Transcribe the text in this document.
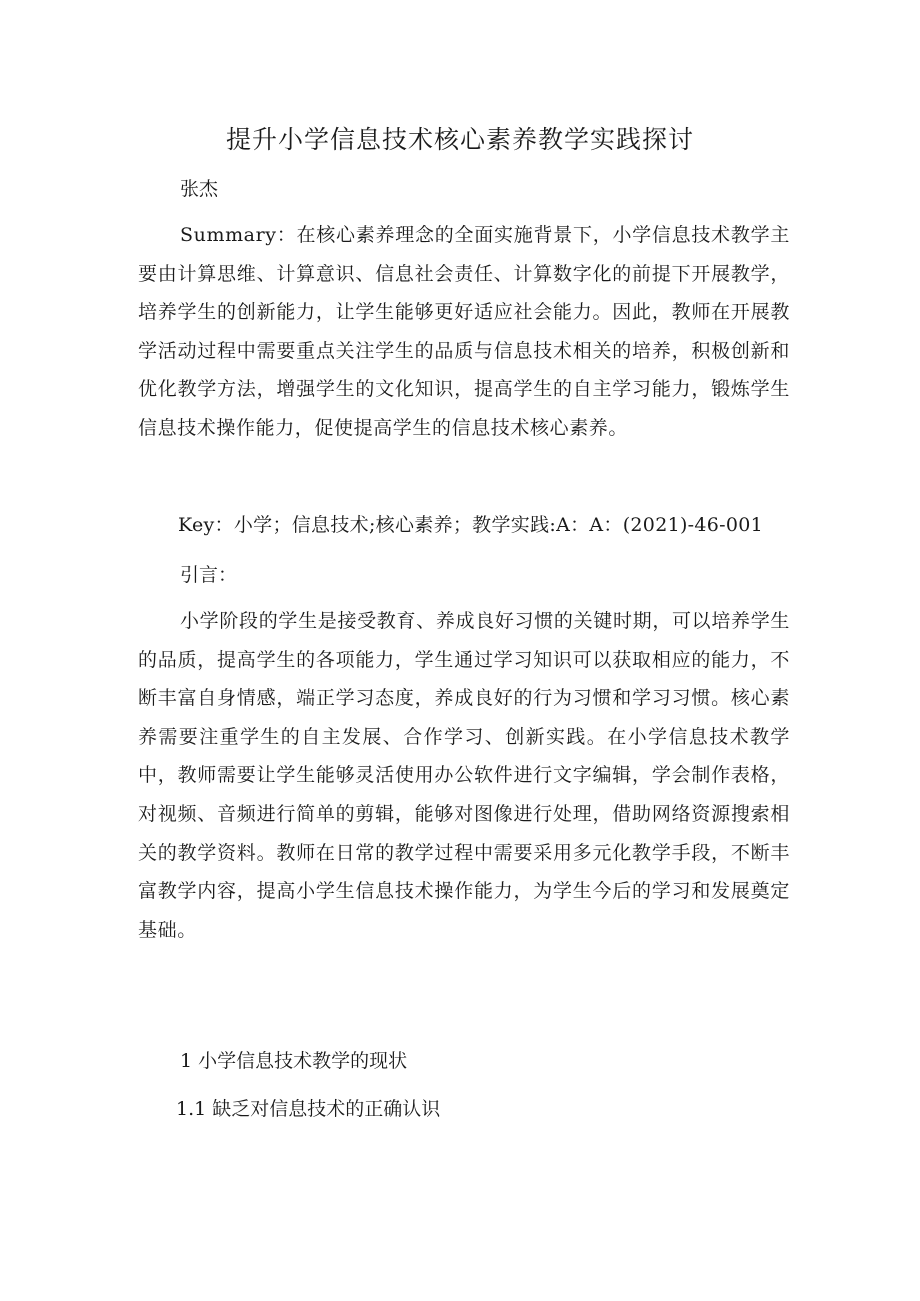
提升小学信息技术核心素养教学实践探讨

张杰

Summary：在核心素养理念的全面实施背景下，小学信息技术教学主要由计算思维、计算意识、信息社会责任、计算数字化的前提下开展教学，培养学生的创新能力，让学生能够更好适应社会能力。因此，教师在开展教学活动过程中需要重点关注学生的品质与信息技术相关的培养，积极创新和优化教学方法，增强学生的文化知识，提高学生的自主学习能力，锻炼学生信息技术操作能力，促使提高学生的信息技术核心素养。

Key：小学；信息技术;核心素养；教学实践:A：A：(2021)-46-001

引言：

小学阶段的学生是接受教育、养成良好习惯的关键时期，可以培养学生的品质，提高学生的各项能力，学生通过学习知识可以获取相应的能力，不断丰富自身情感，端正学习态度，养成良好的行为习惯和学习习惯。核心素养需要注重学生的自主发展、合作学习、创新实践。在小学信息技术教学中，教师需要让学生能够灵活使用办公软件进行文字编辑，学会制作表格，对视频、音频进行简单的剪辑，能够对图像进行处理，借助网络资源搜索相关的教学资料。教师在日常的教学过程中需要采用多元化教学手段，不断丰富教学内容，提高小学生信息技术操作能力，为学生今后的学习和发展奠定基础。

1 小学信息技术教学的现状

1.1 缺乏对信息技术的正确认识
